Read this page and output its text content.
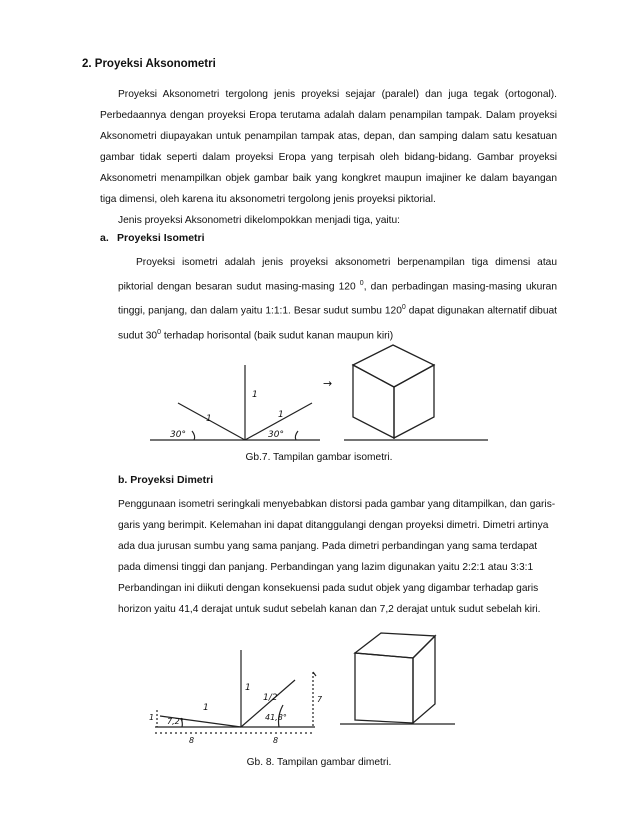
2. Proyeksi Aksonometri

Proyeksi Aksonometri tergolong jenis proyeksi sejajar (paralel) dan juga tegak (ortogonal). Perbedaannya dengan proyeksi Eropa terutama adalah dalam penampilan tampak. Dalam proyeksi Aksonometri diupayakan untuk penampilan tampak atas, depan, dan samping dalam satu kesatuan gambar tidak seperti dalam proyeksi Eropa yang terpisah oleh bidang-bidang. Gambar proyeksi Aksonometri menampilkan objek gambar baik yang kongkret maupun imajiner ke dalam bayangan tiga dimensi, oleh karena itu aksonometri tergolong jenis proyeksi piktorial.

Jenis proyeksi Aksonometri dikelompokkan menjadi tiga, yaitu:

a. Proyeksi Isometri

Proyeksi isometri adalah jenis proyeksi aksonometri berpenampilan tiga dimensi atau piktorial dengan besaran sudut masing-masing 120 $^0$, dan perbadingan masing-masing ukuran tinggi, panjang, dan dalam yaitu 1:1:1. Besar sudut sumbu $120^0$ dapat digunakan alternatif dibuat sudut $30^0$ terhadap horisontal (baik sudut kanan maupun kiri)

1
1	1
30°	30°
→

Gb.7. Tampilan gambar isometri.

b. Proyeksi Dimetri

Penggunaan isometri seringkali menyebabkan distorsi pada gambar yang ditampilkan, dan garis-garis yang berimpit. Kelemahan ini dapat ditanggulangi dengan proyeksi dimetri. Dimetri artinya ada dua jurusan sumbu yang sama panjang. Pada dimetri perbandingan yang sama terdapat pada dimensi tinggi dan panjang. Perbandingan yang lazim digunakan yaitu 2:2:1 atau 3:3:1 Perbandingan ini diikuti dengan konsekuensi pada sudut objek yang digambar terhadap garis horizon yaitu 41,4 derajat untuk sudut sebelah kanan dan 7,2 derajat untuk sudut sebelah kiri.

1
7
1
1
1/2
7,2°	41,8°
8	8

Gb. 8. Tampilan gambar dimetri.
